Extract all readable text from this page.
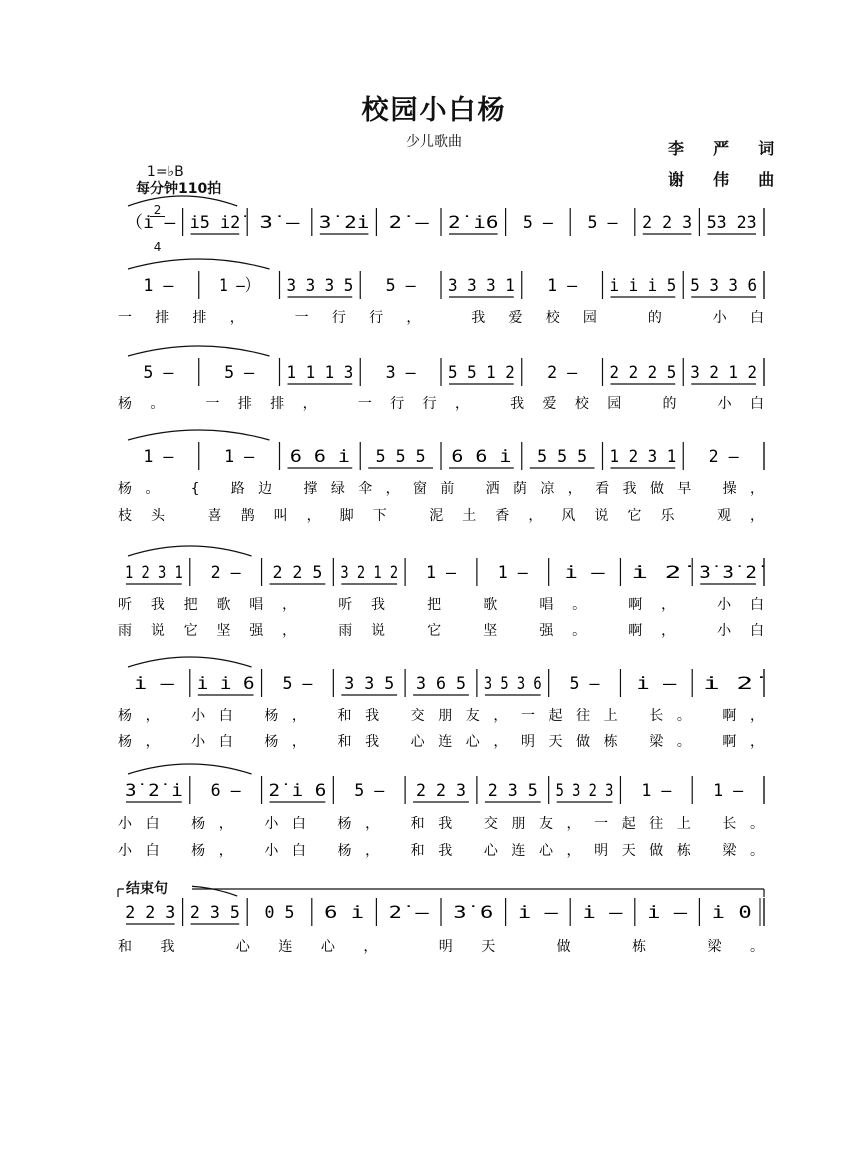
校园小白杨
少儿歌曲	李  严  词
谢  伟  曲

1=♭B

$\frac{2}{4}$

每分钟110拍
（i̇ – i̇5 i̇2̇ 3̇ – 3̇ 2̇i̇ 2̇ – 2̇ i̇6 5 – 5 – 2 2 3 53 23
1 –	1 –） 3 3 3 5 5 – 3 3 3 1 1 – i̇ i̇ i̇ 5 5 3 3 6
一排排， 一行行， 我爱校园 的 小白
5 –	5 – 1 1 1 3 3 – 5 5 1 2 2 – 2 2 2 5 3 2 1 2
杨。 一排排， 一行行， 我爱校园 的 小白
1 –	1 – 6 6 i̇ 5 5 5 6 6 i̇ 5 5 5 1 2 3 1 2 –
杨。 { 路边 撑绿伞，窗前 洒荫凉，看我做早 操，
枝头 喜鹊叫，脚下 泥土香，风说它乐 观，
1 2 3 1 2 – 2 2 5 3 2 1 2 1 – 1 – i̇ – i̇ 2̇ 3̇ 3̇ 2̇
听我把歌唱， 听我 把 歌 唱。 啊， 小白
雨说它坚强， 雨说 它 坚 强。 啊， 小白
i̇ – i̇ i̇ 6 5 – 3 3 5 3 6 5 3 5 3 6 5 – i̇ – i̇ 2̇
杨， 小白 杨， 和我 交朋友，一起往上 长。 啊，
杨， 小白 杨， 和我 心连心，明天做栋 梁。 啊，
3̇ 2̇ i̇ 6 – 2̇ i̇ 6 5 – 2 2 3 2 3 5 5 3 2 3 1 – 1 –
小白 杨， 小白 杨， 和我 交朋友，一起往上 长。
小白 杨， 小白 杨， 和我 心连心，明天做栋 梁。
2 2 3 2 3 5 0 5 6 i̇ 2̇ – 3̇ 6 i̇ – i̇ – i̇ – i̇ 0
和我 心连心， 明天 做 栋 梁。
结束句
